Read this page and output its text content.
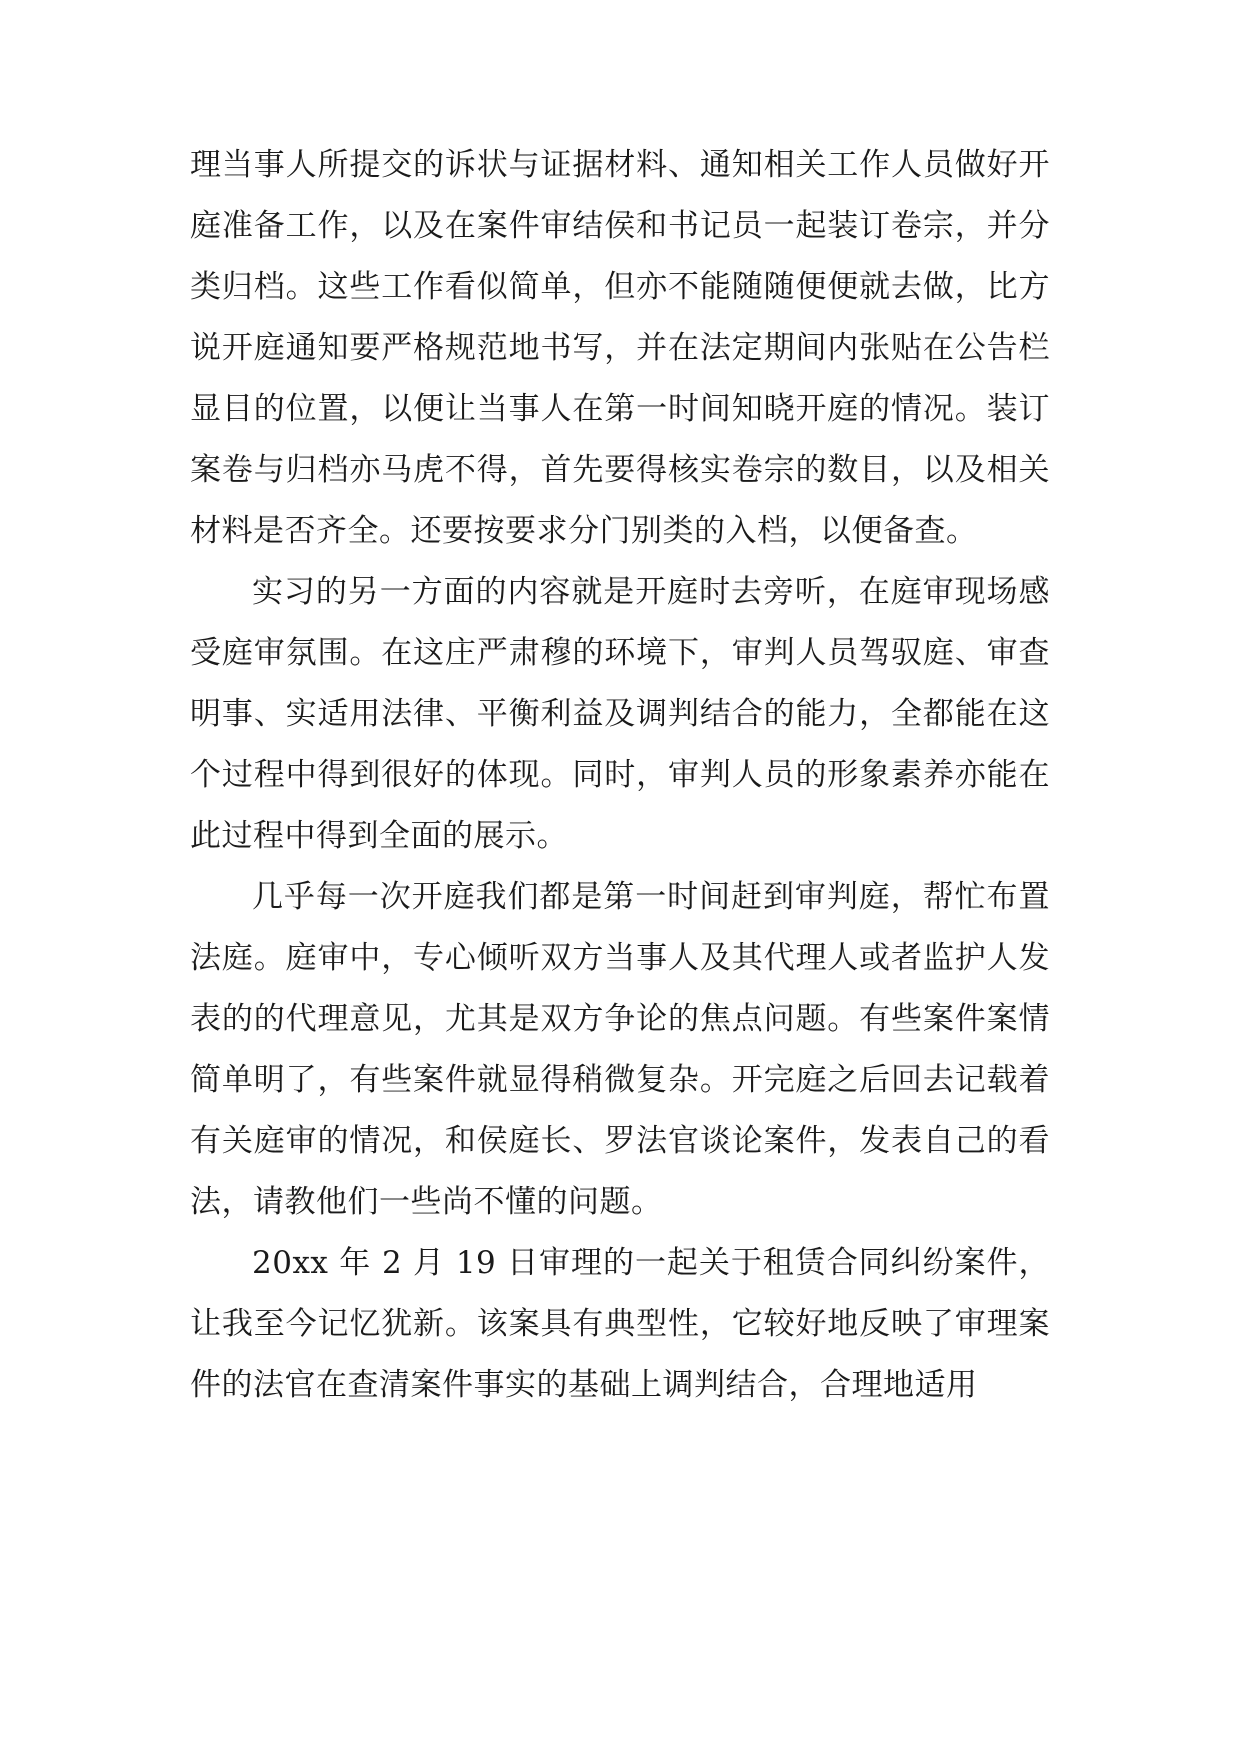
理当事人所提交的诉状与证据材料、通知相关工作人员做好开庭准备工作，以及在案件审结侯和书记员一起装订卷宗，并分类归档。这些工作看似简单，但亦不能随随便便就去做，比方说开庭通知要严格规范地书写，并在法定期间内张贴在公告栏显目的位置，以便让当事人在第一时间知晓开庭的情况。装订案卷与归档亦马虎不得，首先要得核实卷宗的数目，以及相关材料是否齐全。还要按要求分门别类的入档，以便备查。

实习的另一方面的内容就是开庭时去旁听，在庭审现场感受庭审氛围。在这庄严肃穆的环境下，审判人员驾驭庭、审查明事、实适用法律、平衡利益及调判结合的能力，全都能在这个过程中得到很好的体现。同时，审判人员的形象素养亦能在此过程中得到全面的展示。

几乎每一次开庭我们都是第一时间赶到审判庭，帮忙布置法庭。庭审中，专心倾听双方当事人及其代理人或者监护人发表的的代理意见，尤其是双方争论的焦点问题。有些案件案情简单明了，有些案件就显得稍微复杂。开完庭之后回去记载着有关庭审的情况，和侯庭长、罗法官谈论案件，发表自己的看法，请教他们一些尚不懂的问题。

20xx 年 2 月 19 日审理的一起关于租赁合同纠纷案件，让我至今记忆犹新。该案具有典型性，它较好地反映了审理案件的法官在查清案件事实的基础上调判结合，合理地适用
